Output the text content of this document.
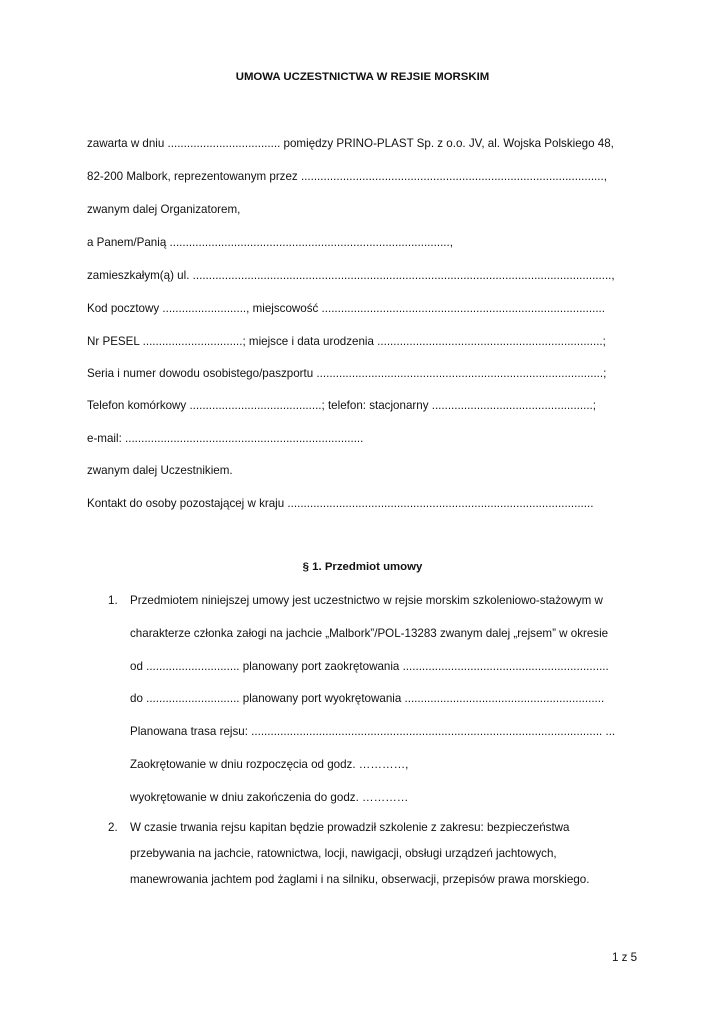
UMOWA UCZESTNICTWA W REJSIE MORSKIM
zawarta w dniu ................................... pomiędzy PRINO-PLAST Sp. z o.o. JV, al. Wojska Polskiego 48,
82-200 Malbork, reprezentowanym przez ..............................................................................................,
zwanym dalej Organizatorem,
a Panem/Panią .......................................................................................,
zamieszkałym(ą) ul. ..................................................................................................................................,
Kod pocztowy .........................., miejscowość ........................................................................................
Nr PESEL ...............................; miejsce i data urodzenia ......................................................................;
Seria i numer dowodu osobistego/paszportu .........................................................................................;
Telefon komórkowy .........................................; telefon: stacjonarny ..................................................;
e-mail: ..........................................................................
zwanym dalej Uczestnikiem.
Kontakt do osoby pozostającej w kraju ...............................................................................................
§ 1. Przedmiot umowy
1. Przedmiotem niniejszej umowy jest uczestnictwo w rejsie morskim szkoleniowo-stażowym w
charakterze członka załogi na jachcie „Malbork”/POL-13283 zwanym dalej „rejsem” w okresie
od ............................. planowany port zaokrętowania ................................................................
do ............................. planowany port wyokrętowania ..............................................................
Planowana trasa rejsu: ............................................................................................................. ...
Zaokrętowanie w dniu rozpoczęcia od godz. …………,
wyokrętowanie w dniu zakończenia do godz. …………
2. W czasie trwania rejsu kapitan będzie prowadził szkolenie z zakresu: bezpieczeństwa
przebywania na jachcie, ratownictwa, locji, nawigacji, obsługi urządzeń jachtowych,
manewrowania jachtem pod żaglami i na silniku, obserwacji, przepisów prawa morskiego.
1 z 5
